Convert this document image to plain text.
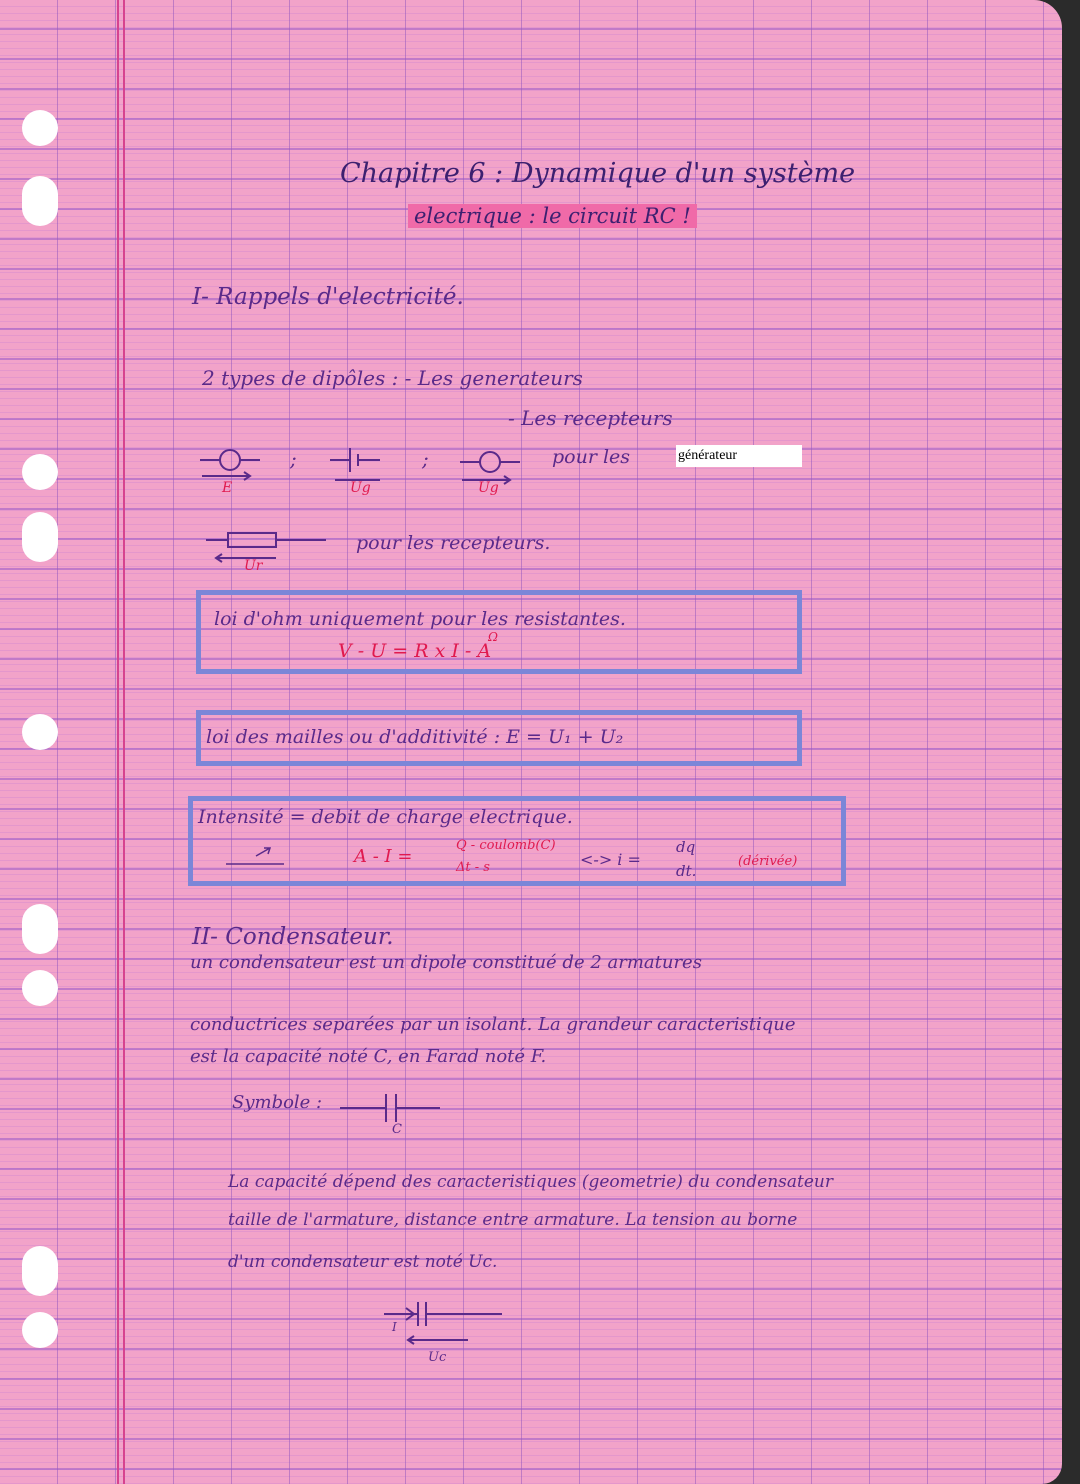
Chapitre 6 : Dynamique d'un système
electrique : le circuit RC !
I- Rappels d'electricité.
2 types de dipôles : - Les generateurs
- Les recepteurs
;	;
E	Ug	Ug
pour les	générateur
Ur
pour les recepteurs.
loi d'ohm uniquement pour les resistantes.
Ω
V - U = R x I - A
loi des mailles ou d'additivité : E = U₁ + U₂
Intensité = debit de charge electrique.
A - I =
Q - coulomb(C)
Δt - s	<-> i =
dq
dt.
(dérivée)
II- Condensateur.
un condensateur est un dipole constitué de 2 armatures
conductrices separées par un isolant. La grandeur caracteristique
est la capacité noté C, en Farad noté F.
Symbole :
C
La capacité dépend des caracteristiques (geometrie) du condensateur
taille de l'armature, distance entre armature. La tension au borne
d'un condensateur est noté Uc.
I
Uc
